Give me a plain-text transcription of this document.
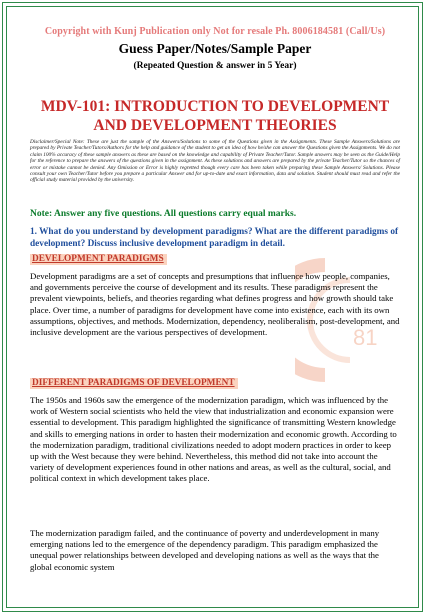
81
Copyright with Kunj Publication only Not for resale Ph. 8006184581 (Call/Us)
Guess Paper/Notes/Sample Paper
(Repeated Question & answer in 5 Year)
MDV-101: INTRODUCTION TO DEVELOPMENT AND DEVELOPMENT THEORIES
Disclaimer/Special Note: These are just the sample of the Answers/Solutions to some of the Questions given in the Assignments. These Sample Answers/Solutions are prepared by Private Teacher/Tutors/Authors for the help and guidance of the student to get an idea of how he/she can answer the Questions given the Assignments. We do not claim 100% accuracy of these sample answers as these are based on the knowledge and capability of Private Teacher/Tutor. Sample answers may be seen as the Guide/Help for the reference to prepare the answers of the questions given in the assignment. As these solutions and answers are prepared by the private Teacher/Tutor so the chances of error or mistake cannot be denied. Any Omission or Error is highly regretted though every care has been taken while preparing these Sample Answers/ Solutions. Please consult your own Teacher/Tutor before you prepare a particular Answer and for up-to-date and exact information, data and solution. Student should must read and refer the official study material provided by the university.
Note: Answer any five questions. All questions carry equal marks.
1. What do you understand by development paradigms? What are the different paradigms of development? Discuss inclusive development paradigm in detail.
DEVELOPMENT PARADIGMS
Development paradigms are a set of concepts and presumptions that influence how people, companies, and governments perceive the course of development and its results. These paradigms represent the prevalent viewpoints, beliefs, and theories regarding what defines progress and how growth should take place. Over time, a number of paradigms for development have come into existence, each with its own assumptions, objectives, and methods. Modernization, dependency, neoliberalism, post-development, and inclusive development are the various perspectives of development.
DIFFERENT PARADIGMS OF DEVELOPMENT
The 1950s and 1960s saw the emergence of the modernization paradigm, which was influenced by the work of Western social scientists who held the view that industrialization and economic expansion were essential to development. This paradigm highlighted the significance of transmitting Western knowledge and skills to emerging nations in order to hasten their modernization and economic growth. According to the modernization paradigm, traditional civilizations needed to adopt modern practices in order to keep up with the West because they were behind. Nevertheless, this method did not take into account the variety of development experiences found in other nations and areas, as well as the cultural, social, and political context in which development takes place.
The modernization paradigm failed, and the continuance of poverty and underdevelopment in many emerging nations led to the emergence of the dependency paradigm. This paradigm emphasized the unequal power relationships between developed and developing nations as well as the ways that the global economic system
